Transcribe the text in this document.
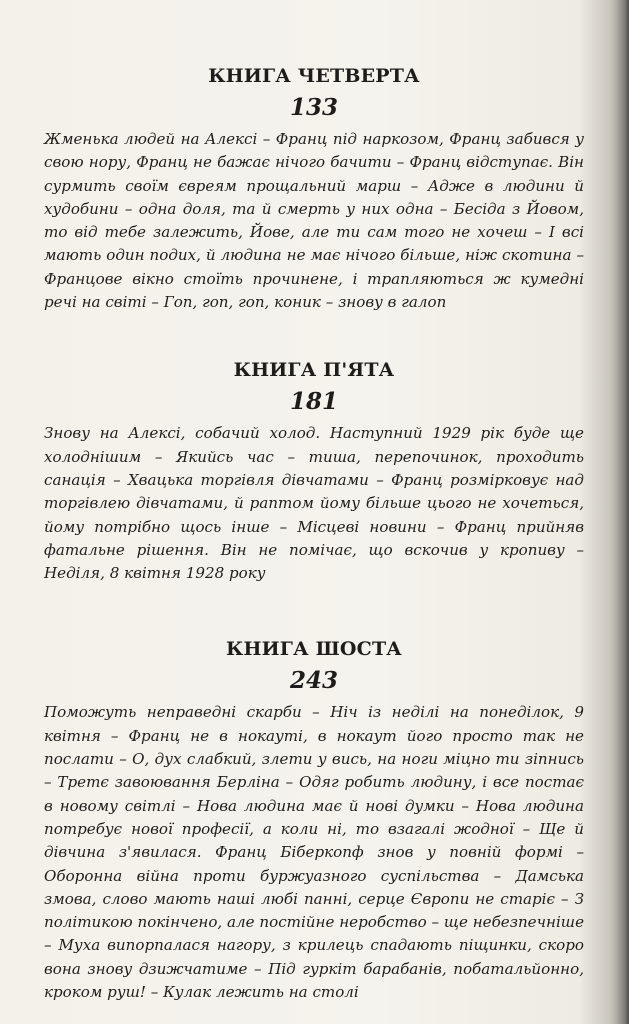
КНИГА ЧЕТВЕРТА
133

Жменька людей на Алексі – Франц під наркозом, Франц забився у свою нору, Франц не бажає нічого бачити – Франц відступає. Він сурмить своїм євреям прощальний марш – Адже в людини й худобини – одна доля, та й смерть у них одна – Бесіда з Йовом, то від тебе залежить, Йове, але ти сам того не хочеш – І всі мають один подих, й людина не має нічого більше, ніж скотина – Францове вікно стоїть прочинене, і трапляються ж кумедні речі на світі – Гоп, гоп, гоп, коник – знову в галоп

КНИГА П'ЯТА
181

Знову на Алексі, собачий холод. Наступний 1929 рік буде ще холоднішим – Якийсь час – тиша, перепочинок, проходить санація – Хвацька торгівля дівчатами – Франц розмірковує над торгівлею дівчатами, й раптом йому більше цього не хочеться, йому потрібно щось інше – Місцеві новини – Франц прийняв фатальне рішення. Він не помічає, що вскочив у кропиву – Неділя, 8 квітня 1928 року

КНИГА ШОСТА
243

Поможуть неправедні скарби – Ніч із неділі на понеділок, 9 квітня – Франц не в нокауті, в нокаут його просто так не послати – О, дух слабкий, злети у вись, на ноги міцно ти зіпнись – Третє завоювання Берліна – Одяг робить людину, і все постає в новому світлі – Нова людина має й нові думки – Нова людина потребує нової професії, а коли ні, то взагалі жодної – Ще й дівчина з'явилася. Франц Біберкопф знов у повній формі – Оборонна війна проти буржуазного суспільства – Дамська змова, слово мають наші любі панні, серце Європи не старіє – З політикою покінчено, але постійне неробство – ще небезпечніше – Муха випорпалася нагору, з крилець спадають піщинки, скоро вона знову дзижчатиме – Під гуркіт барабанів, побатальйонно, кроком руш! – Кулак лежить на столі
